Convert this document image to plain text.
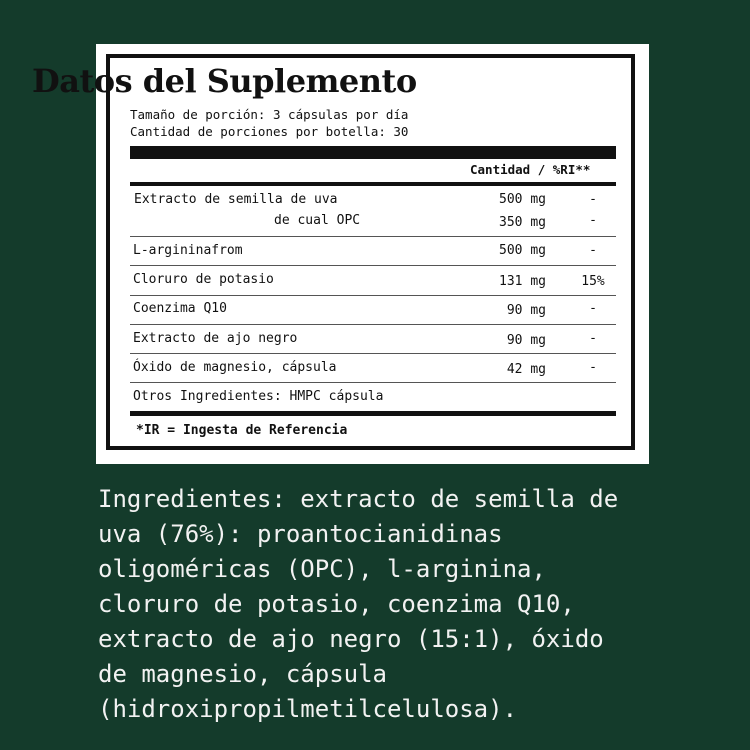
Datos del Suplemento
Tamaño de porción: 3 cápsulas por día
Cantidad de porciones por botella: 30
Cantidad / %RI**
Extracto de semilla de uva	500 mg	-
de cual OPC	350 mg	-
L-argininafrom	500 mg	-
Cloruro de potasio	131 mg	15%
Coenzima Q10	90 mg	-
Extracto de ajo negro	90 mg	-
Óxido de magnesio, cápsula	42 mg	-
Otros Ingredientes: HMPC cápsula
*IR = Ingesta de Referencia
Ingredientes: extracto de semilla de
uva (76%): proantocianidinas
oligoméricas (OPC), l-arginina,
cloruro de potasio, coenzima Q10,
extracto de ajo negro (15:1), óxido
de magnesio, cápsula
(hidroxipropilmetilcelulosa).
